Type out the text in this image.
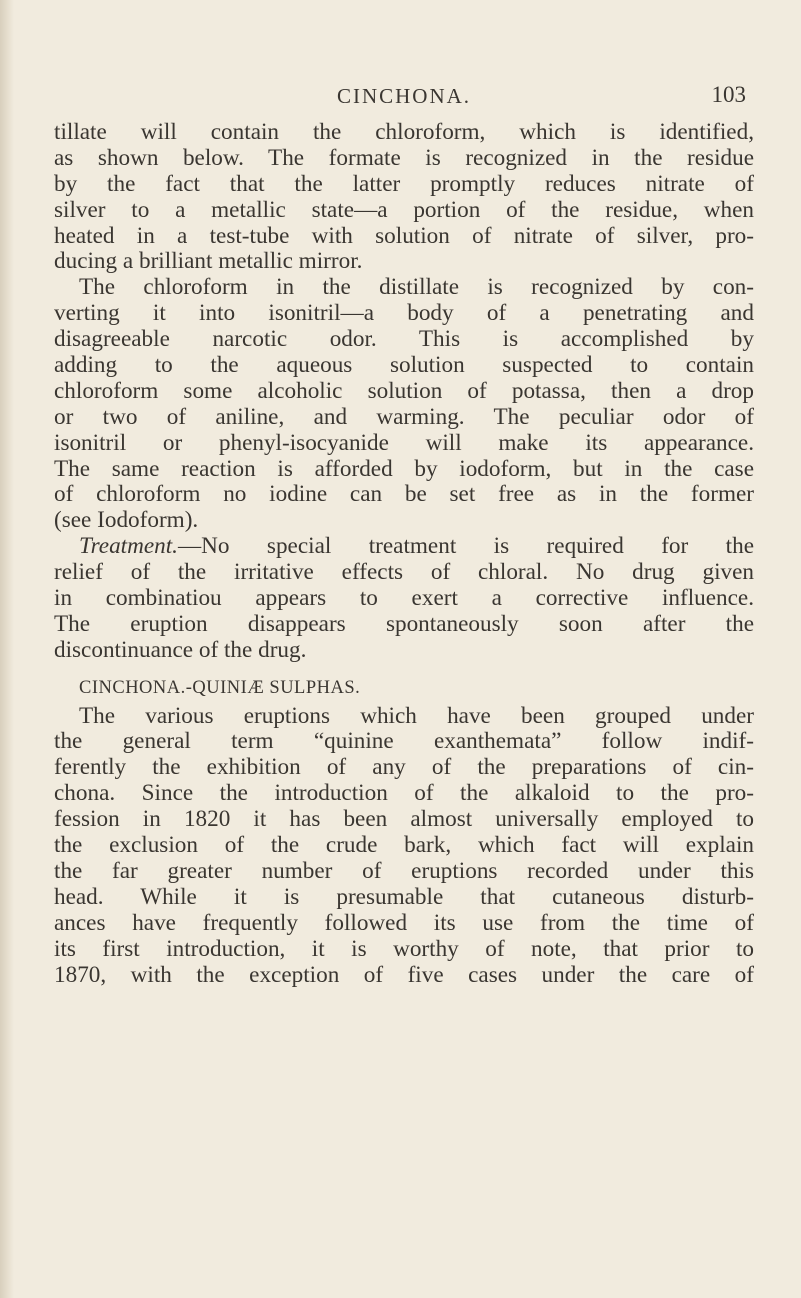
CINCHONA.	103
tillate will contain the chloroform, which is identified,
as shown below. The formate is recognized in the residue
by the fact that the latter promptly reduces nitrate of
silver to a metallic state—a portion of the residue, when
heated in a test-tube with solution of nitrate of silver, pro-
ducing a brilliant metallic mirror.
The chloroform in the distillate is recognized by con-
verting it into isonitril—a body of a penetrating and
disagreeable narcotic odor. This is accomplished by
adding to the aqueous solution suspected to contain
chloroform some alcoholic solution of potassa, then a drop
or two of aniline, and warming. The peculiar odor of
isonitril or phenyl-isocyanide will make its appearance.
The same reaction is afforded by iodoform, but in the case
of chloroform no iodine can be set free as in the former
(see Iodoform).
Treatment.—No special treatment is required for the
relief of the irritative effects of chloral. No drug given
in combinatiou appears to exert a corrective influence.
The eruption disappears spontaneously soon after the
discontinuance of the drug.
CINCHONA.-QUINIÆ SULPHAS.
The various eruptions which have been grouped under
the general term “quinine exanthemata” follow indif-
ferently the exhibition of any of the preparations of cin-
chona. Since the introduction of the alkaloid to the pro-
fession in 1820 it has been almost universally employed to
the exclusion of the crude bark, which fact will explain
the far greater number of eruptions recorded under this
head. While it is presumable that cutaneous disturb-
ances have frequently followed its use from the time of
its first introduction, it is worthy of note, that prior to
1870, with the exception of five cases under the care of
